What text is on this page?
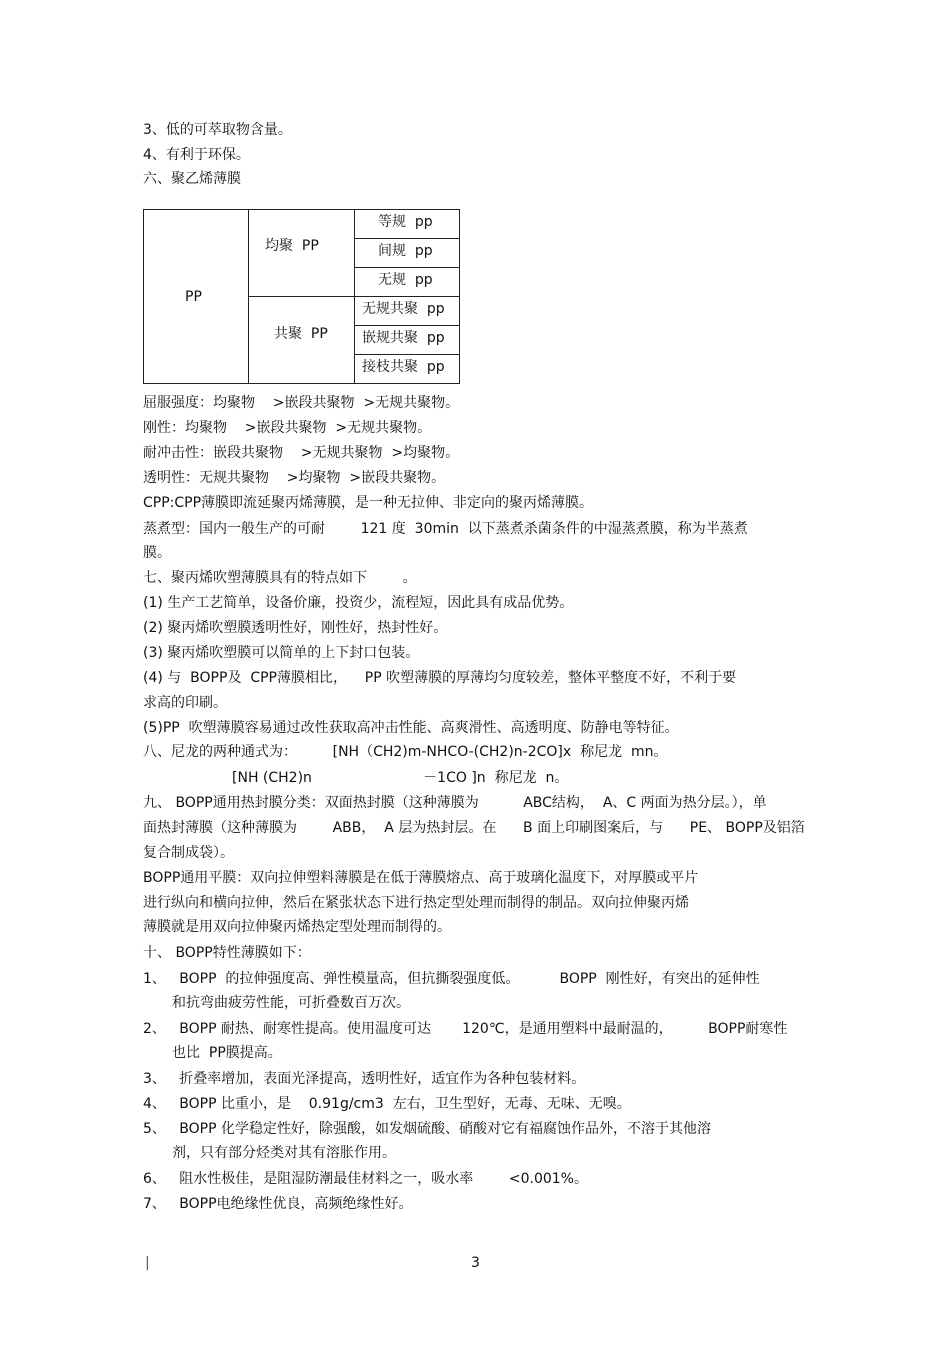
3、低的可萃取物含量。
4、有利于环保。
六、聚乙烯薄膜
PP
均聚  PP
共聚  PP
等规  pp
间规  pp
无规  pp
无规共聚  pp
嵌规共聚  pp
接枝共聚  pp
屈服强度：均聚物    >嵌段共聚物  >无规共聚物。
刚性：均聚物    >嵌段共聚物  >无规共聚物。
耐冲击性：嵌段共聚物    >无规共聚物  >均聚物。
透明性：无规共聚物    >均聚物  >嵌段共聚物。
CPP:CPP薄膜即流延聚丙烯薄膜，是一种无拉伸、非定向的聚丙烯薄膜。
蒸煮型：国内一般生产的可耐        121 度  30min  以下蒸煮杀菌条件的中湿蒸煮膜，称为半蒸煮
膜。
七、聚丙烯吹塑薄膜具有的特点如下        。
(1) 生产工艺简单，设备价廉，投资少，流程短，因此具有成品优势。
(2) 聚丙烯吹塑膜透明性好，刚性好，热封性好。
(3) 聚丙烯吹塑膜可以简单的上下封口包装。
(4) 与  BOPP及  CPP薄膜相比，    PP 吹塑薄膜的厚薄均匀度较差，整体平整度不好，不利于要
求高的印刷。
(5)PP  吹塑薄膜容易通过改性获取高冲击性能、高爽滑性、高透明度、防静电等特征。
八、尼龙的两种通式为：        [NH（CH2)m-NHCO-(CH2)n-2CO]x  称尼龙  mn。
[NH (CH2)n                         －1CO ]n  称尼龙  n。
九、 BOPP通用热封膜分类：双面热封膜（这种薄膜为          ABC结构，  A、C 两面为热分层。），单
面热封薄膜（这种薄膜为        ABB，  A 层为热封层。在      B 面上印刷图案后，与      PE、 BOPP及铝箔
复合制成袋）。
BOPP通用平膜：双向拉伸塑料薄膜是在低于薄膜熔点、高于玻璃化温度下，对厚膜或平片
进行纵向和横向拉伸，然后在紧张状态下进行热定型处理而制得的制品。双向拉伸聚丙烯
薄膜就是用双向拉伸聚丙烯热定型处理而制得的。
十、 BOPP特性薄膜如下：
1、   BOPP  的拉伸强度高、弹性模量高，但抗撕裂强度低。         BOPP  刚性好，有突出的延伸性
和抗弯曲疲劳性能，可折叠数百万次。
2、   BOPP 耐热、耐寒性提高。使用温度可达       120℃，是通用塑料中最耐温的，        BOPP耐寒性
也比  PP膜提高。
3、   折叠率增加，表面光泽提高，透明性好，适宜作为各种包装材料。
4、   BOPP 比重小，是    0.91g/cm3  左右，卫生型好，无毒、无味、无嗅。
5、   BOPP 化学稳定性好，除强酸，如发烟硫酸、硝酸对它有福腐蚀作品外，不溶于其他溶
剂，只有部分烃类对其有溶胀作用。
6、   阻水性极佳，是阻湿防潮最佳材料之一，吸水率        <0.001%。
7、   BOPP电绝缘性优良，高频绝缘性好。
|	3
